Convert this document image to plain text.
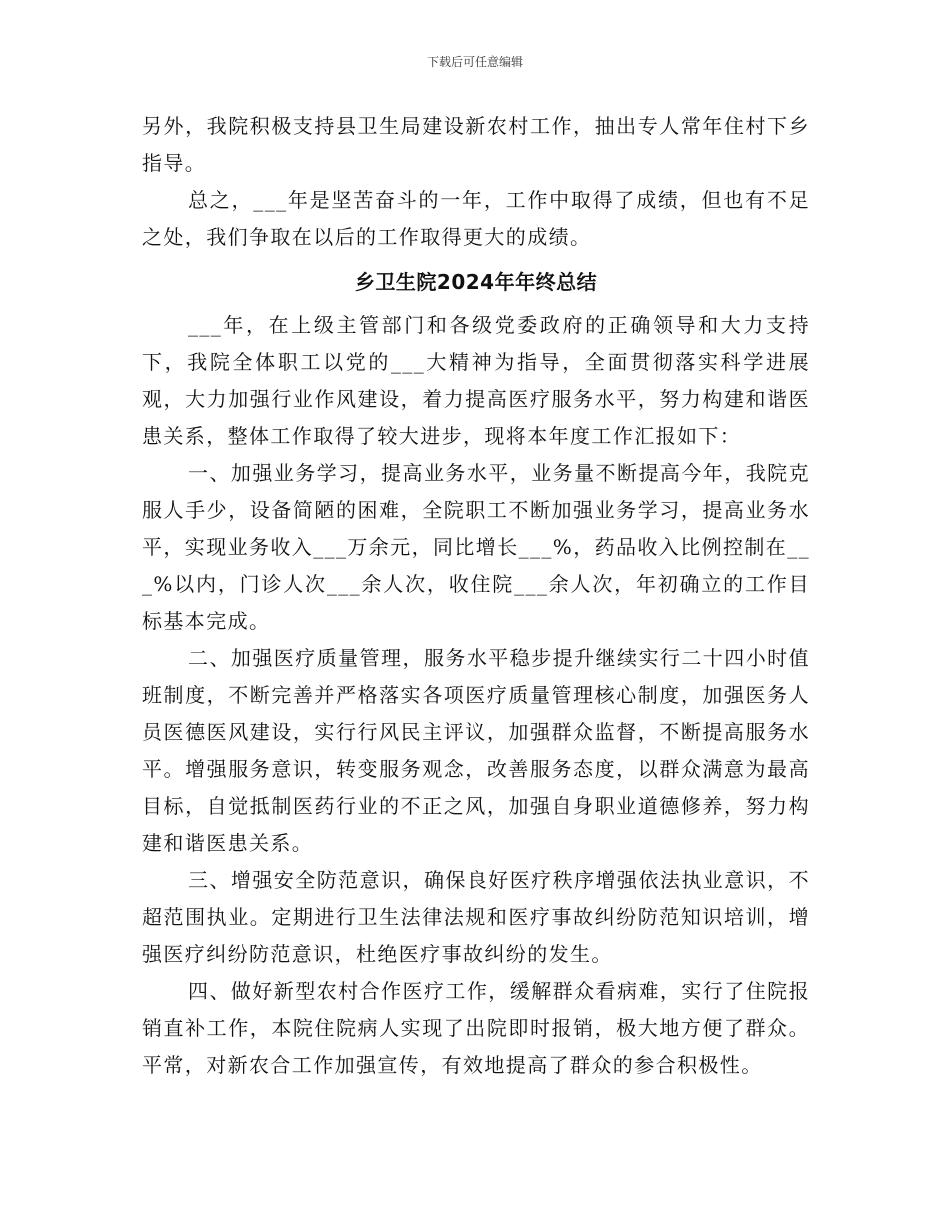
下载后可任意编辑

另外，我院积极支持县卫生局建设新农村工作，抽出专人常年住村下乡指导。

总之，___年是坚苦奋斗的一年，工作中取得了成绩，但也有不足之处，我们争取在以后的工作取得更大的成绩。

乡卫生院2024年年终总结

___年，在上级主管部门和各级党委政府的正确领导和大力支持下，我院全体职工以党的___大精神为指导，全面贯彻落实科学进展观，大力加强行业作风建设，着力提高医疗服务水平，努力构建和谐医患关系，整体工作取得了较大进步，现将本年度工作汇报如下：

一、加强业务学习，提高业务水平，业务量不断提高今年，我院克服人手少，设备简陋的困难，全院职工不断加强业务学习，提高业务水平，实现业务收入___万余元，同比增长___%，药品收入比例控制在___%以内，门诊人次___余人次，收住院___余人次，年初确立的工作目标基本完成。

二、加强医疗质量管理，服务水平稳步提升继续实行二十四小时值班制度，不断完善并严格落实各项医疗质量管理核心制度，加强医务人员医德医风建设，实行行风民主评议，加强群众监督，不断提高服务水平。增强服务意识，转变服务观念，改善服务态度，以群众满意为最高目标，自觉抵制医药行业的不正之风，加强自身职业道德修养，努力构建和谐医患关系。

三、增强安全防范意识，确保良好医疗秩序增强依法执业意识，不超范围执业。定期进行卫生法律法规和医疗事故纠纷防范知识培训，增强医疗纠纷防范意识，杜绝医疗事故纠纷的发生。

四、做好新型农村合作医疗工作，缓解群众看病难，实行了住院报销直补工作，本院住院病人实现了出院即时报销，极大地方便了群众。平常，对新农合工作加强宣传，有效地提高了群众的参合积极性。
